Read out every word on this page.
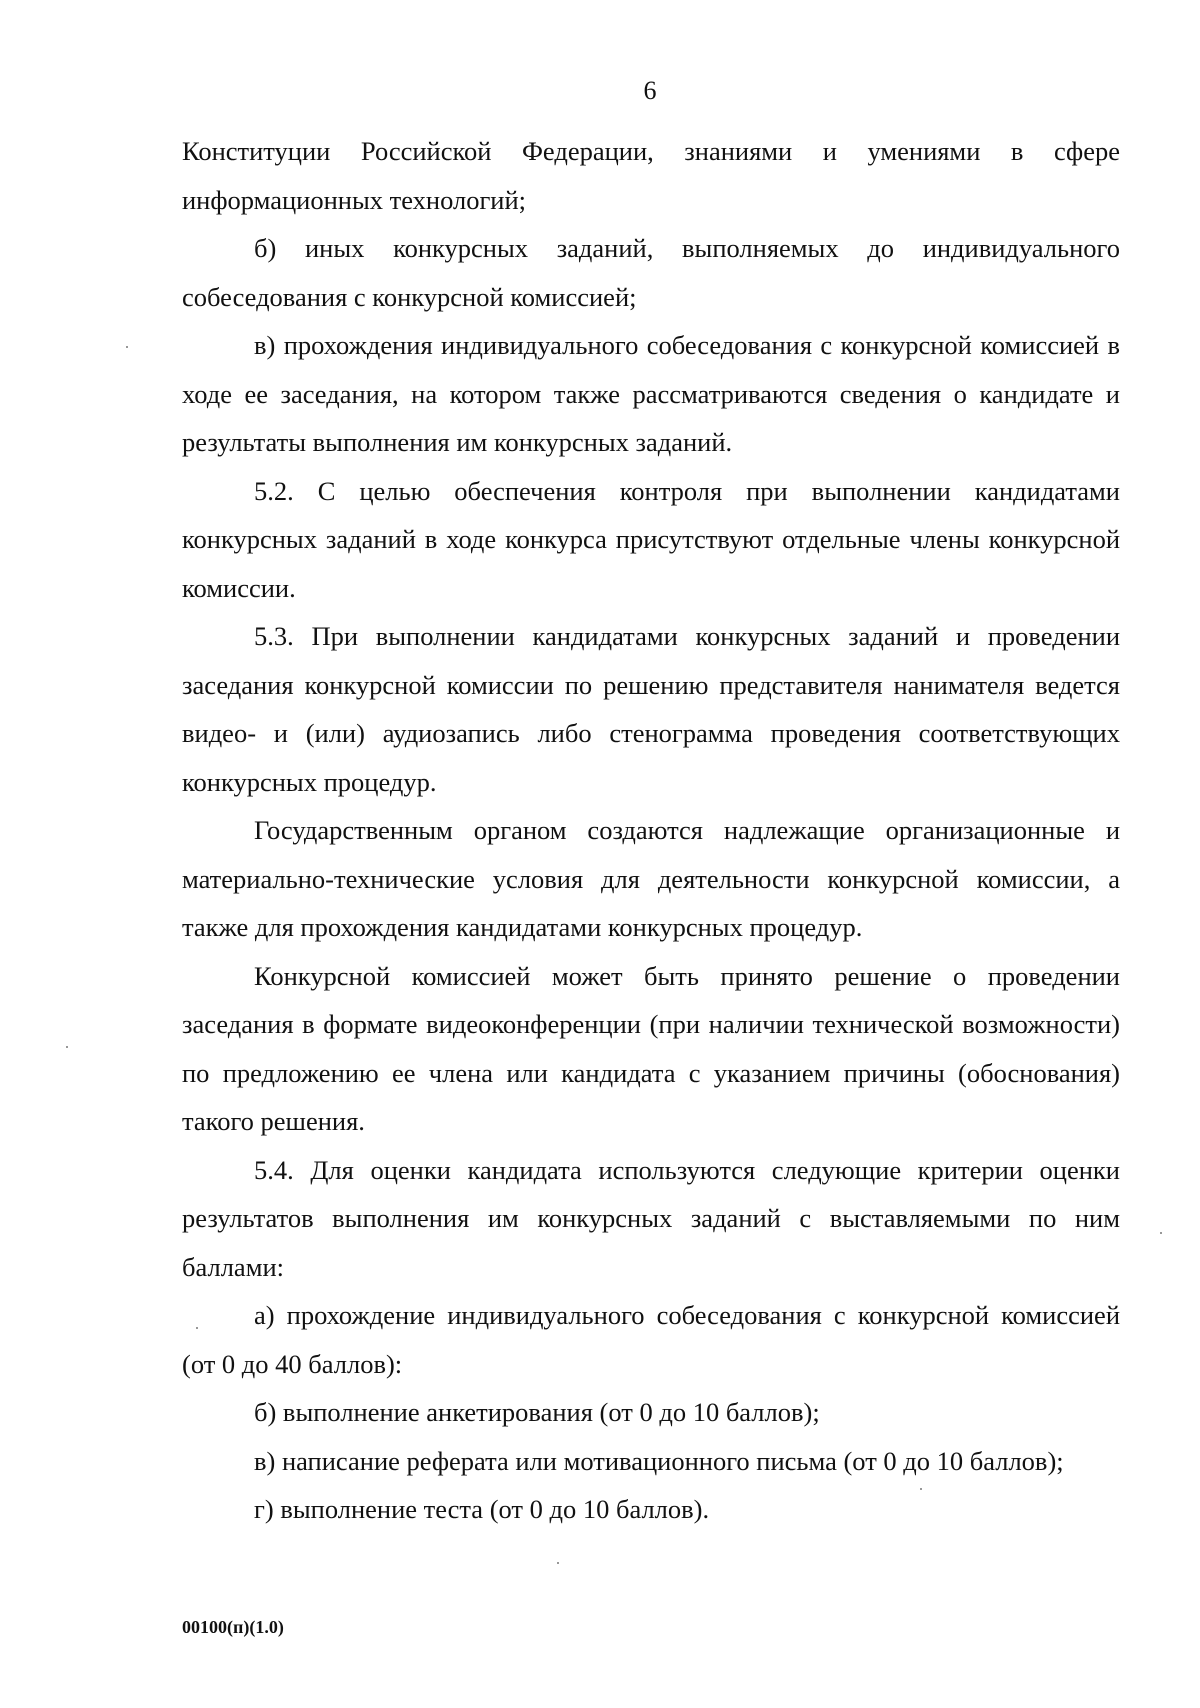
6

Конституции Российской Федерации, знаниями и умениями в сфере информационных технологий;

б) иных конкурсных заданий, выполняемых до индивидуального собеседования с конкурсной комиссией;

в) прохождения индивидуального собеседования с конкурсной комиссией в ходе ее заседания, на котором также рассматриваются сведения о кандидате и результаты выполнения им конкурсных заданий.

5.2. С целью обеспечения контроля при выполнении кандидатами конкурсных заданий в ходе конкурса присутствуют отдельные члены конкурсной комиссии.

5.3. При выполнении кандидатами конкурсных заданий и проведении заседания конкурсной комиссии по решению представителя нанимателя ведется видео- и (или) аудиозапись либо стенограмма проведения соответствующих конкурсных процедур.

Государственным органом создаются надлежащие организационные и материально-технические условия для деятельности конкурсной комиссии, а также для прохождения кандидатами конкурсных процедур.

Конкурсной комиссией может быть принято решение о проведении заседания в формате видеоконференции (при наличии технической возможности) по предложению ее члена или кандидата с указанием причины (обоснования) такого решения.

5.4. Для оценки кандидата используются следующие критерии оценки результатов выполнения им конкурсных заданий с выставляемыми по ним баллами:

а) прохождение индивидуального собеседования с конкурсной комиссией (от 0 до 40 баллов):

б) выполнение анкетирования (от 0 до 10 баллов);

в) написание реферата или мотивационного письма (от 0 до 10 баллов);

г) выполнение теста (от 0 до 10 баллов).

00100(п)(1.0)
